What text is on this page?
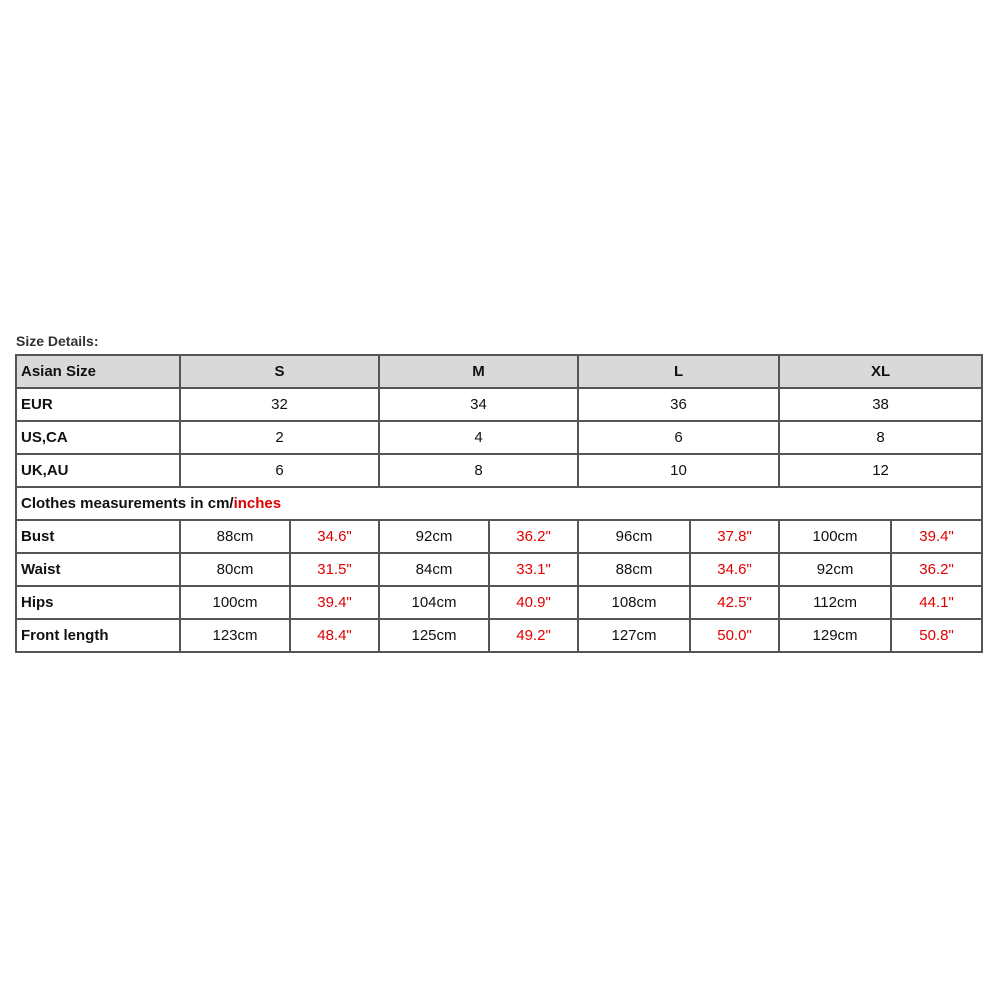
Size Details:
Asian Size	S		M		L		XL	
EUR	32		34		36		38	
US,CA	2		4		6		8	
UK,AU	6		8		10		12	
Clothes measurements in cm/inches								
Bust	88cm	34.6"	92cm	36.2"	96cm	37.8"	100cm	39.4"
Waist	80cm	31.5"	84cm	33.1"	88cm	34.6"	92cm	36.2"
Hips	100cm	39.4"	104cm	40.9"	108cm	42.5"	112cm	44.1"
Front length	123cm	48.4"	125cm	49.2"	127cm	50.0"	129cm	50.8"
